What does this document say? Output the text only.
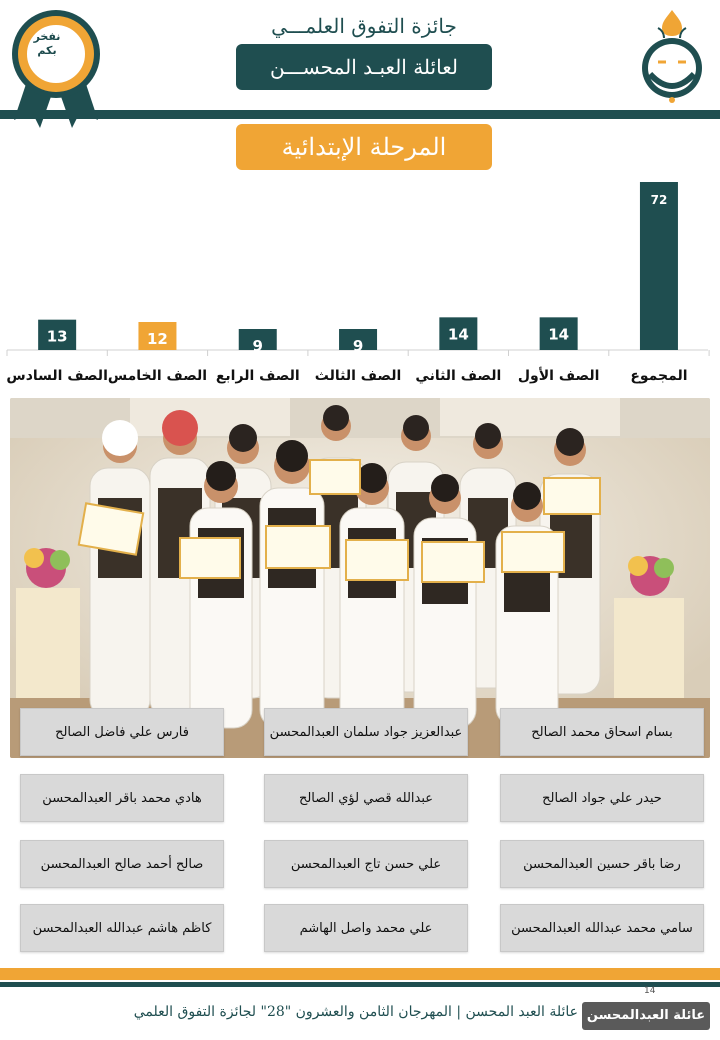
نفخر
بكم
جائزة التفوق العلمـــي
لعائلة العبـد المحســـن
المرحلة الإبتدائية
13
الصف السادس
12
الصف الخامس
9
الصف الرابع
9
الصف الثالث
14
الصف الثاني
14
الصف الأول
72
المجموع
فارس علي فاضل الصالح
هادي محمد باقر العبدالمحسن
صالح أحمد صالح العبدالمحسن
كاظم هاشم عبدالله العبدالمحسن
عبدالعزيز جواد سلمان العبدالمحسن
عبدالله قصي لؤي الصالح
علي حسن تاج العبدالمحسن
علي محمد واصل الهاشم
بسام اسحاق محمد الصالح
حيدر علي جواد الصالح
رضا باقر حسين العبدالمحسن
سامي محمد عبدالله العبدالمحسن
14
عائلة العبد المحسن | المهرجان الثامن والعشرون "28" لجائزة التفوق العلمي عائلة العبدالمحسن
